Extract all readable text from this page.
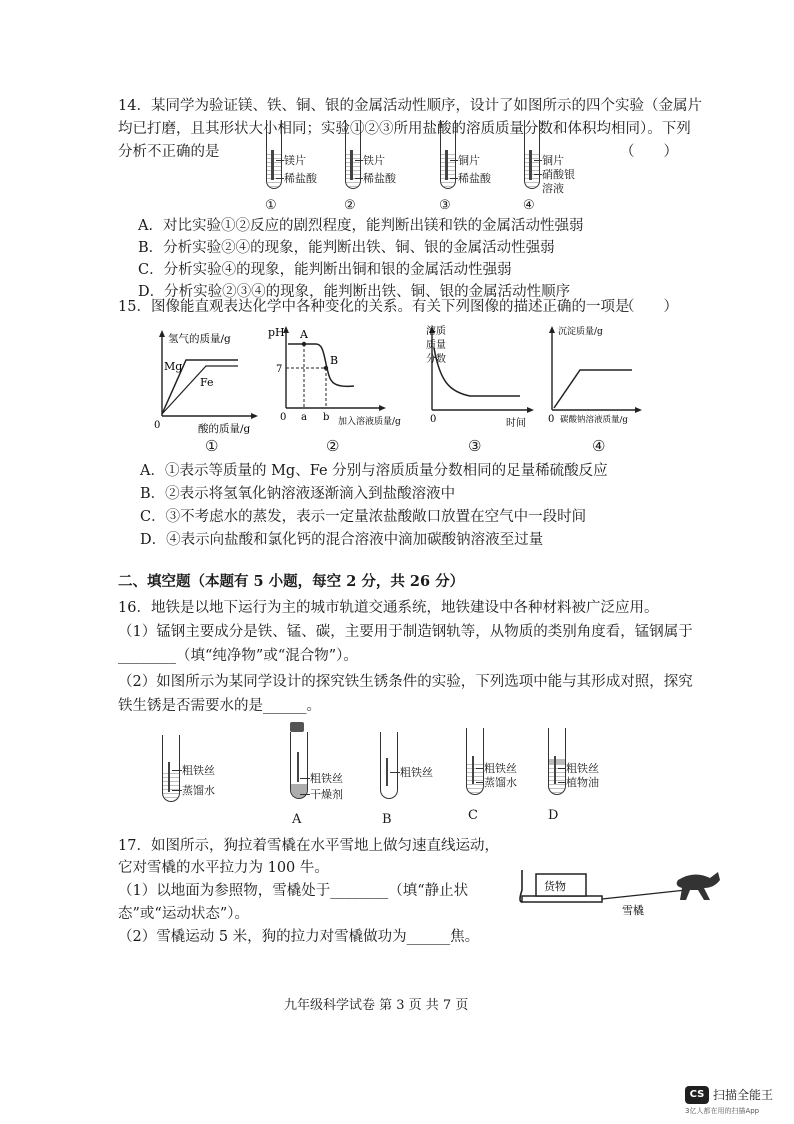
14．某同学为验证镁、铁、铜、银的金属活动性顺序，设计了如图所示的四个实验（金属片
均已打磨，且其形状大小相同；实验①②③所用盐酸的溶质质量分数和体积均相同）。下列
分析不正确的是	（　　）
镁片
稀盐酸
①
铁片
稀盐酸
②
铜片
稀盐酸
③
铜片
硝酸银
溶液
④
A．对比实验①②反应的剧烈程度，能判断出镁和铁的金属活动性强弱
B．分析实验②④的现象，能判断出铁、铜、银的金属活动性强弱
C．分析实验④的现象，能判断出铜和银的金属活动性强弱
D．分析实验②③④的现象，能判断出铁、铜、银的金属活动性顺序
15．图像能直观表达化学中各种变化的关系。有关下列图像的描述正确的一项是
（　　）
氢气的质量/g
Mg
Fe
0	酸的质量/g
①
pH A
B
7
0 a b 加入溶液质量/g
②
溶质
质量
分数
0	时间
③
沉淀质量/g
0 碳酸钠溶液质量/g
④
A．①表示等质量的 Mg、Fe 分别与溶质质量分数相同的足量稀硫酸反应
B．②表示将氢氧化钠溶液逐渐滴入到盐酸溶液中
C．③不考虑水的蒸发，表示一定量浓盐酸敞口放置在空气中一段时间
D．④表示向盐酸和氯化钙的混合溶液中滴加碳酸钠溶液至过量
二、填空题（本题有 5 小题，每空 2 分，共 26 分）
16．地铁是以地下运行为主的城市轨道交通系统，地铁建设中各种材料被广泛应用。
（1）锰钢主要成分是铁、锰、碳，主要用于制造钢轨等，从物质的类别角度看，锰钢属于
________（填“纯净物”或“混合物”）。
（2）如图所示为某同学设计的探究铁生锈条件的实验，下列选项中能与其形成对照，探究
铁生锈是否需要水的是______。
粗铁丝
蒸馏水
粗铁丝
干燥剂
A
粗铁丝
B
粗铁丝
蒸馏水
C
粗铁丝
植物油
D
17．如图所示，狗拉着雪橇在水平雪地上做匀速直线运动，
它对雪橇的水平拉力为 100 牛。
（1）以地面为参照物，雪橇处于________（填“静止状
态”或“运动状态”）。
（2）雪橇运动 5 米，狗的拉力对雪橇做功为______焦。
货物
雪橇
九年级科学试卷 第 3 页 共 7 页
CS 扫描全能王
3亿人都在用的扫描App
